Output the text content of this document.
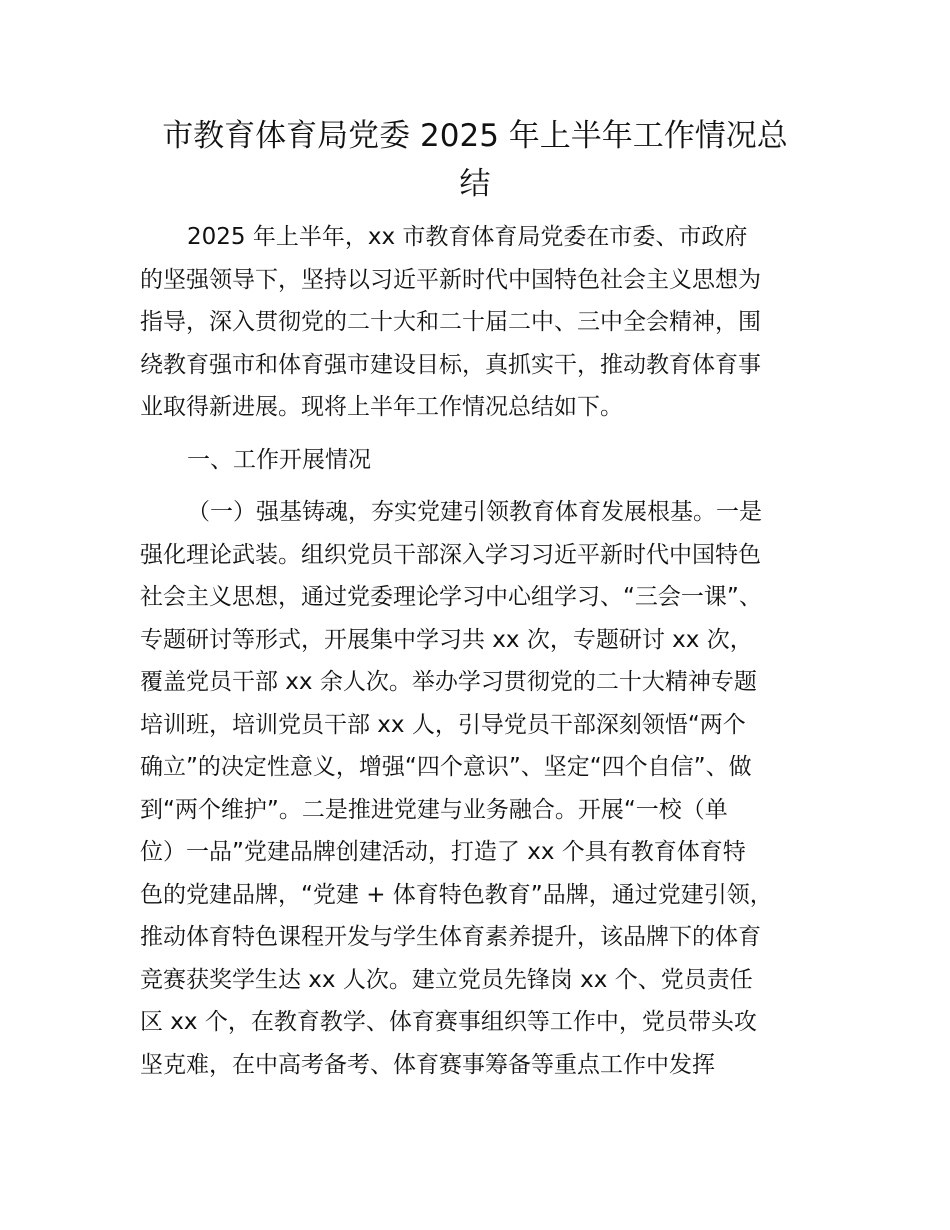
市教育体育局党委 2025 年上半年工作情况总
结
2025 年上半年，xx 市教育体育局党委在市委、市政府
的坚强领导下，坚持以习近平新时代中国特色社会主义思想为
指导，深入贯彻党的二十大和二十届二中、三中全会精神，围
绕教育强市和体育强市建设目标，真抓实干，推动教育体育事
业取得新进展。现将上半年工作情况总结如下。
一、工作开展情况
（一）强基铸魂，夯实党建引领教育体育发展根基。一是
强化理论武装。组织党员干部深入学习习近平新时代中国特色
社会主义思想，通过党委理论学习中心组学习、“三会一课”、
专题研讨等形式，开展集中学习共 xx 次，专题研讨 xx 次，
覆盖党员干部 xx 余人次。举办学习贯彻党的二十大精神专题
培训班，培训党员干部 xx 人，引导党员干部深刻领悟“两个
确立”的决定性意义，增强“四个意识”、坚定“四个自信”、做
到“两个维护”。二是推进党建与业务融合。开展“一校（单
位）一品”党建品牌创建活动，打造了 xx 个具有教育体育特
色的党建品牌，“党建 + 体育特色教育”品牌，通过党建引领，
推动体育特色课程开发与学生体育素养提升，该品牌下的体育
竞赛获奖学生达 xx 人次。建立党员先锋岗 xx 个、党员责任
区 xx 个，在教育教学、体育赛事组织等工作中，党员带头攻
坚克难，在中高考备考、体育赛事筹备等重点工作中发挥
